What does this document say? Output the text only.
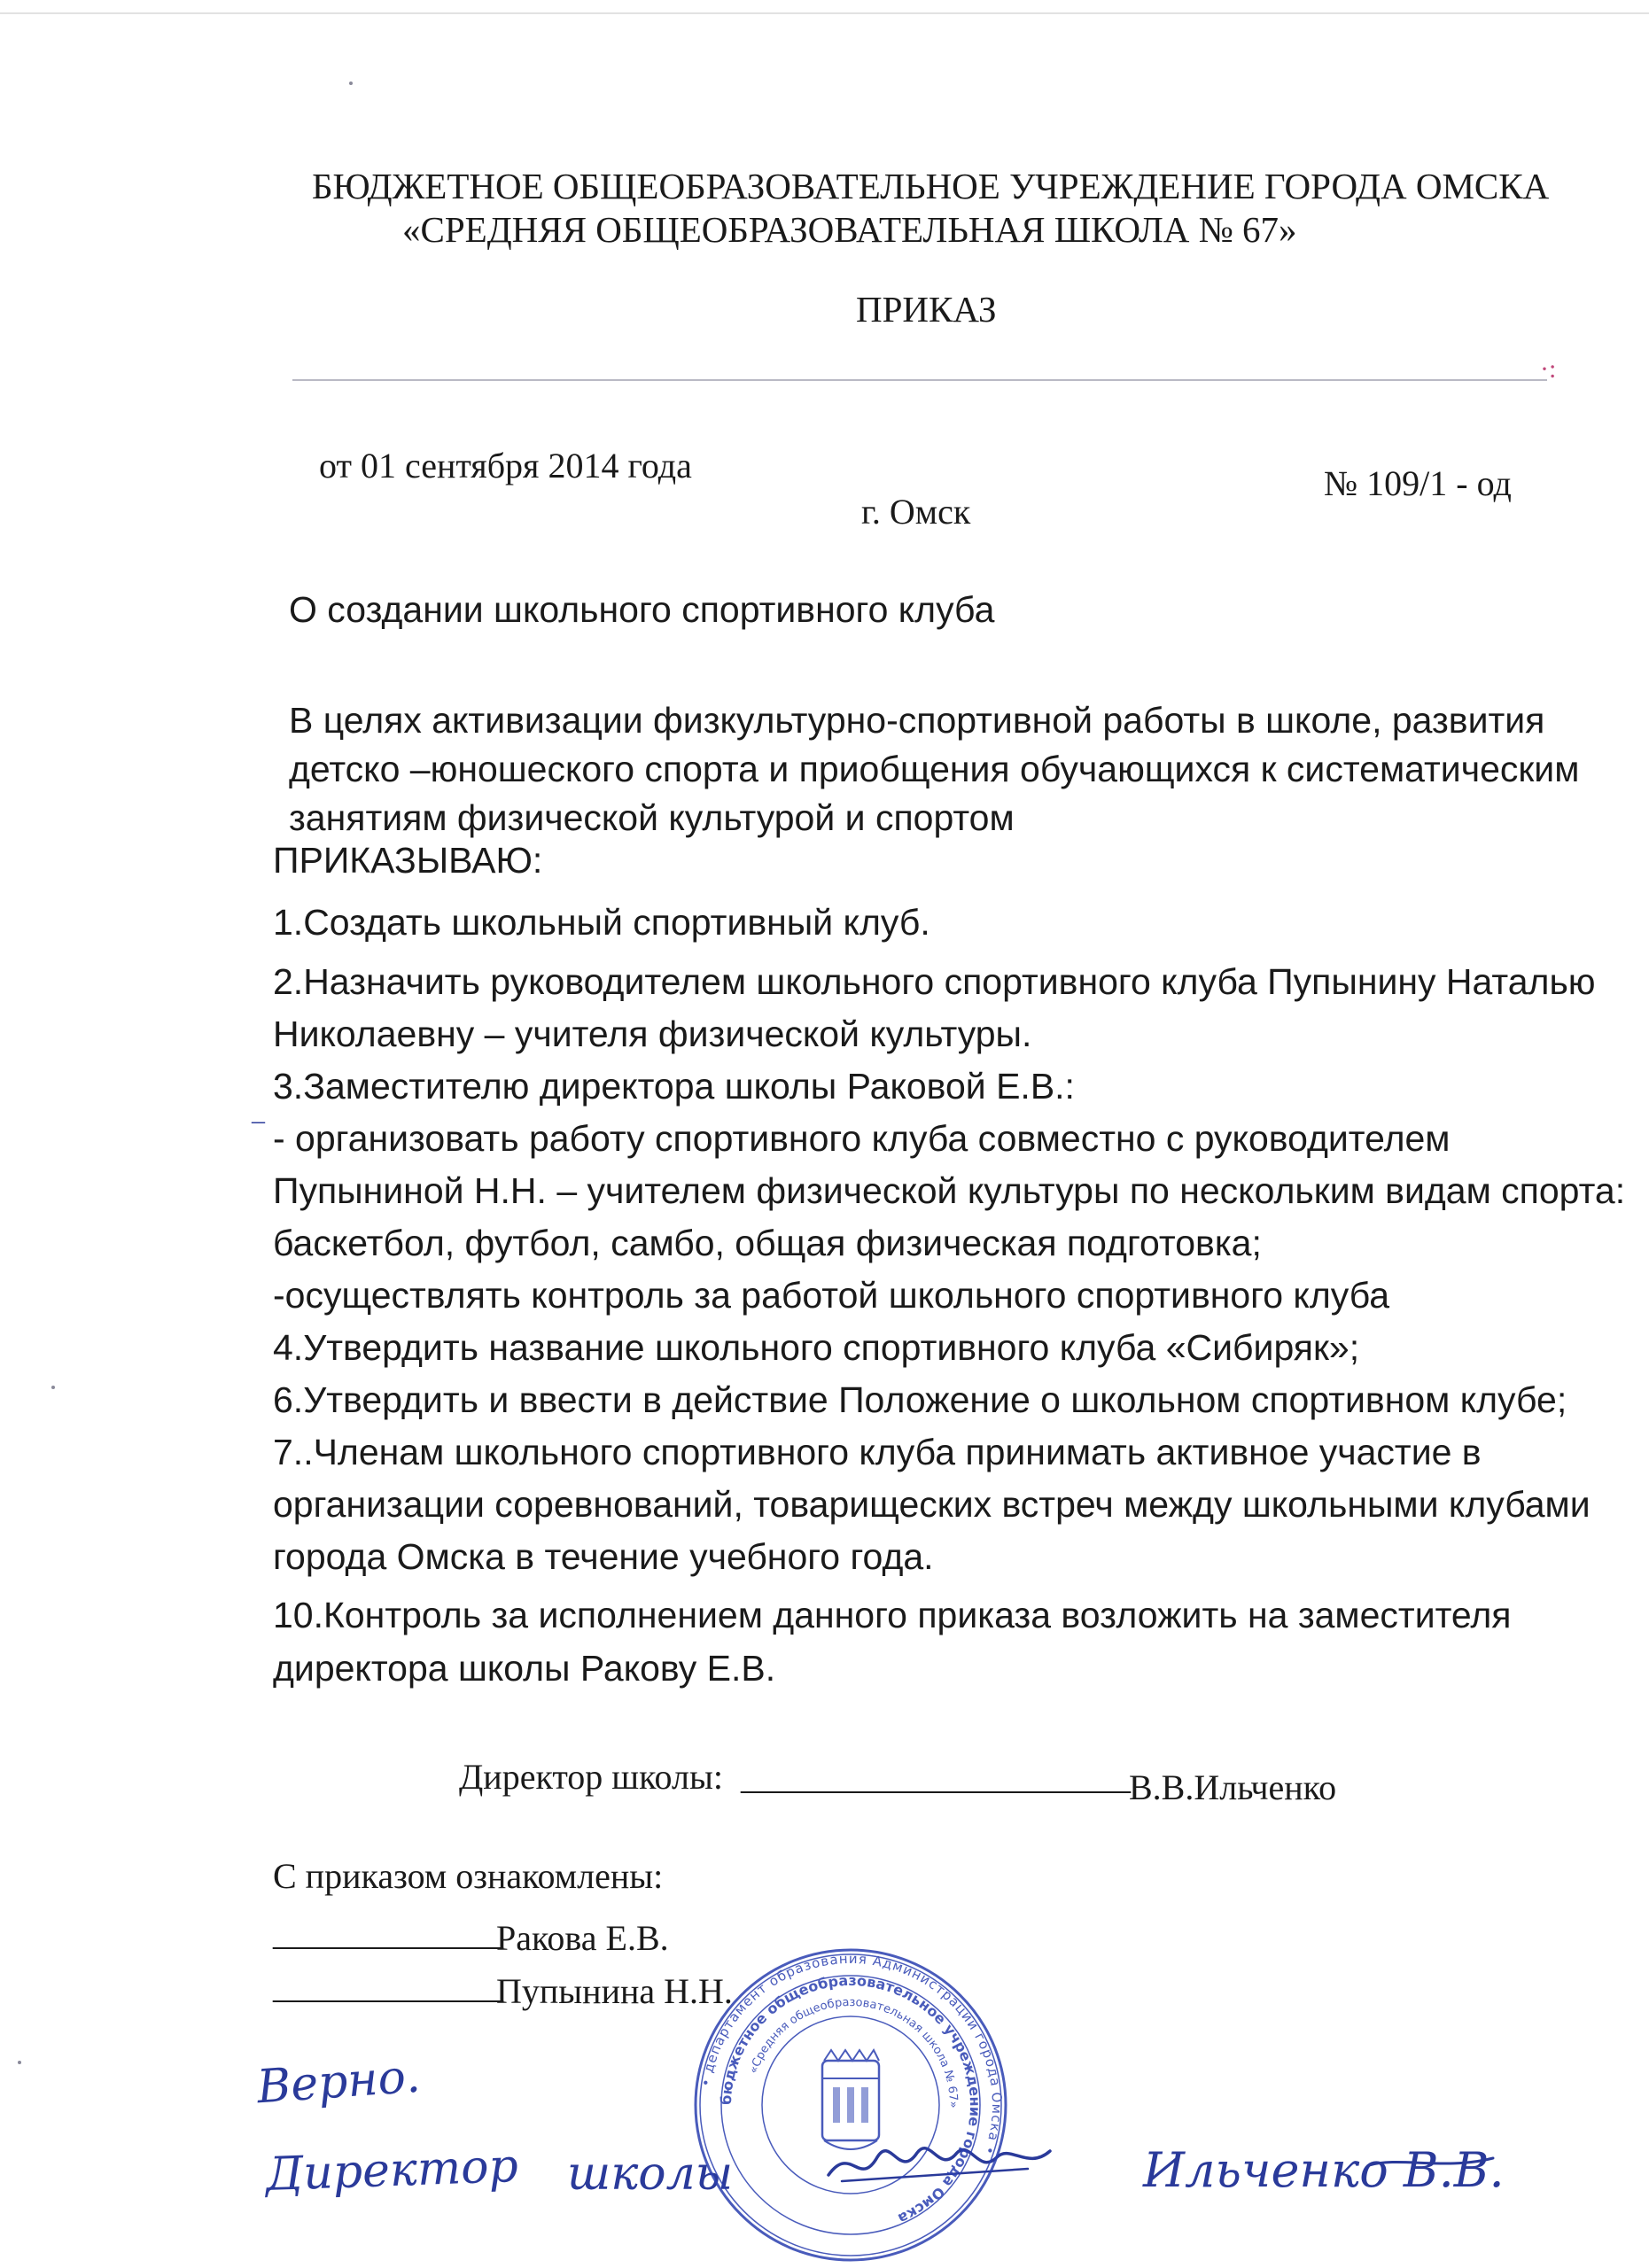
БЮДЖЕТНОЕ ОБЩЕОБРАЗОВАТЕЛЬНОЕ УЧРЕЖДЕНИЕ ГОРОДА ОМСКА
«СРЕДНЯЯ ОБЩЕОБРАЗОВАТЕЛЬНАЯ ШКОЛА № 67»
ПРИКАЗ
·:
от 01 сентября 2014 года	№ 109/1 - од
г. Омск
О создании школьного спортивного клуба
В целях активизации физкультурно-спортивной работы в школе, развития
детско –юношеского спорта и приобщения обучающихся к систематическим
занятиям физической культурой и спортом
ПРИКАЗЫВАЮ:
1.Создать школьный спортивный клуб.
2.Назначить руководителем школьного спортивного клуба Пупынину Наталью
Николаевну – учителя физической культуры.
3.Заместителю директора школы Раковой Е.В.:
- организовать работу спортивного клуба совместно с руководителем
Пупыниной Н.Н. – учителем физической культуры по нескольким видам спорта:
баскетбол, футбол, самбо, общая физическая подготовка;
-осуществлять контроль за работой школьного спортивного клуба
4.Утвердить название школьного спортивного клуба «Сибиряк»;
6.Утвердить и ввести в действие Положение о школьном спортивном клубе;
7..Членам школьного спортивного клуба принимать активное участие в
организации соревнований, товарищеских встреч между школьными клубами
города Омска в течение учебного года.
10.Контроль за исполнением данного приказа возложить на заместителя
директора школы Ракову Е.В.
Директор школы: ______________________
В.В.Ильченко
С приказом ознакомлены:
_____________
Ракова Е.В.
_____________
Пупынина Н.Н.
Верно.
Директор школы	Ильченко В.В.
• департамент образования Администрации города Омска •
бюджетное общеобразовательное учреждение города Омска
«Средняя общеобразовательная школа № 67»
–
